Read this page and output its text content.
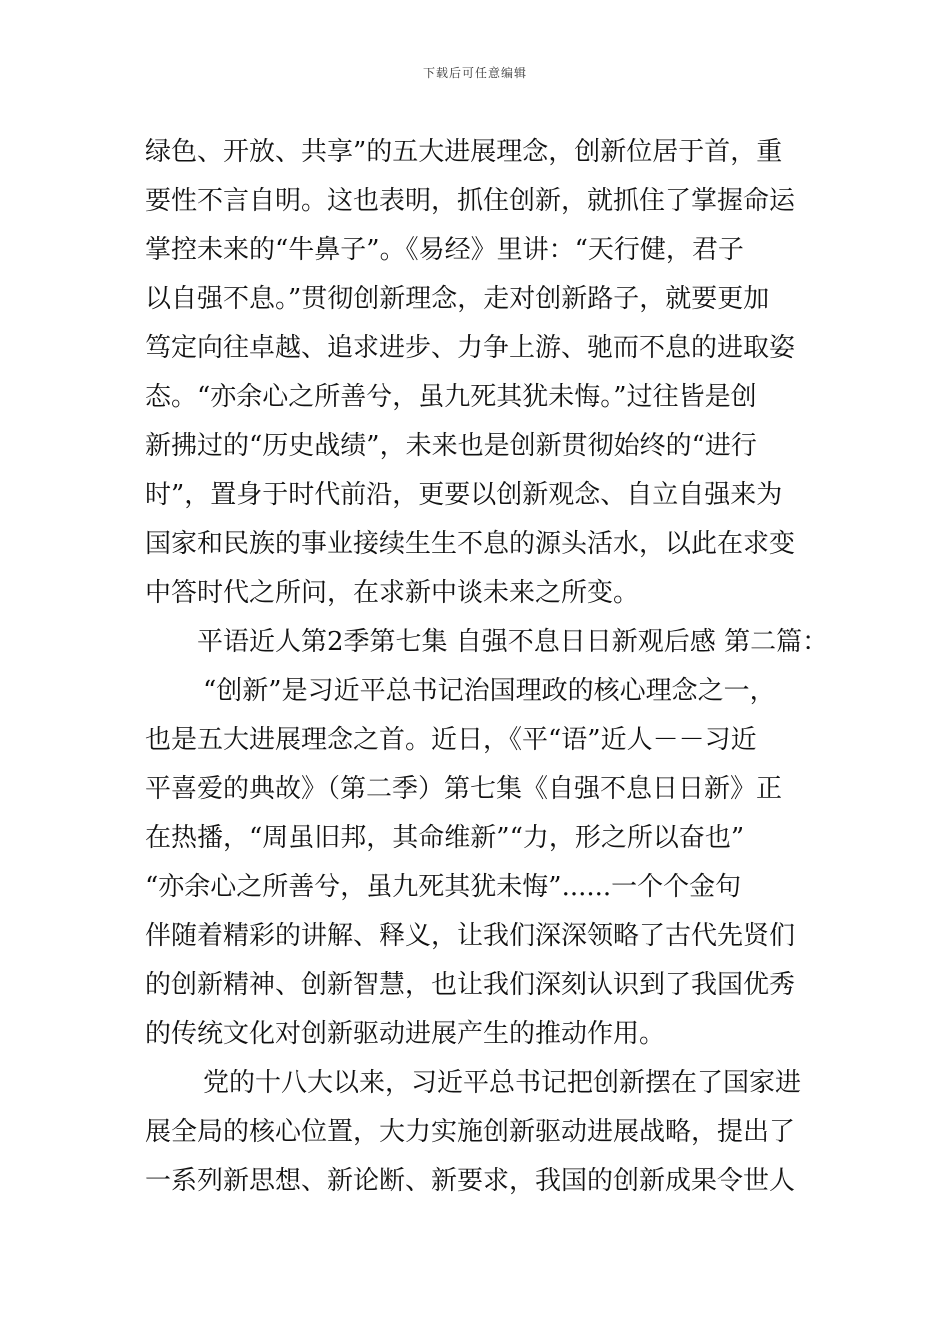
下载后可任意编辑
绿色、开放、共享”的五大进展理念，创新位居于首，重
要性不言自明。这也表明，抓住创新，就抓住了掌握命运
掌控未来的“牛鼻子”。《易经》里讲：“天行健，君子
以自强不息。”贯彻创新理念，走对创新路子，就要更加
笃定向往卓越、追求进步、力争上游、驰而不息的进取姿
态。“亦余心之所善兮，虽九死其犹未悔。”过往皆是创
新拂过的“历史战绩”，未来也是创新贯彻始终的“进行
时”，置身于时代前沿，更要以创新观念、自立自强来为
国家和民族的事业接续生生不息的源头活水，以此在求变
中答时代之所问，在求新中谈未来之所变。
平语近人第2季第七集 自强不息日日新观后感 第二篇：
“创新”是习近平总书记治国理政的核心理念之一，
也是五大进展理念之首。近日，《平“语”近人－－习近
平喜爱的典故》（第二季）第七集《自强不息日日新》正
在热播，“周虽旧邦，其命维新”“力，形之所以奋也”
“亦余心之所善兮，虽九死其犹未悔”......一个个金句
伴随着精彩的讲解、释义，让我们深深领略了古代先贤们
的创新精神、创新智慧，也让我们深刻认识到了我国优秀
的传统文化对创新驱动进展产生的推动作用。
党的十八大以来，习近平总书记把创新摆在了国家进
展全局的核心位置，大力实施创新驱动进展战略，提出了
一系列新思想、新论断、新要求，我国的创新成果令世人
